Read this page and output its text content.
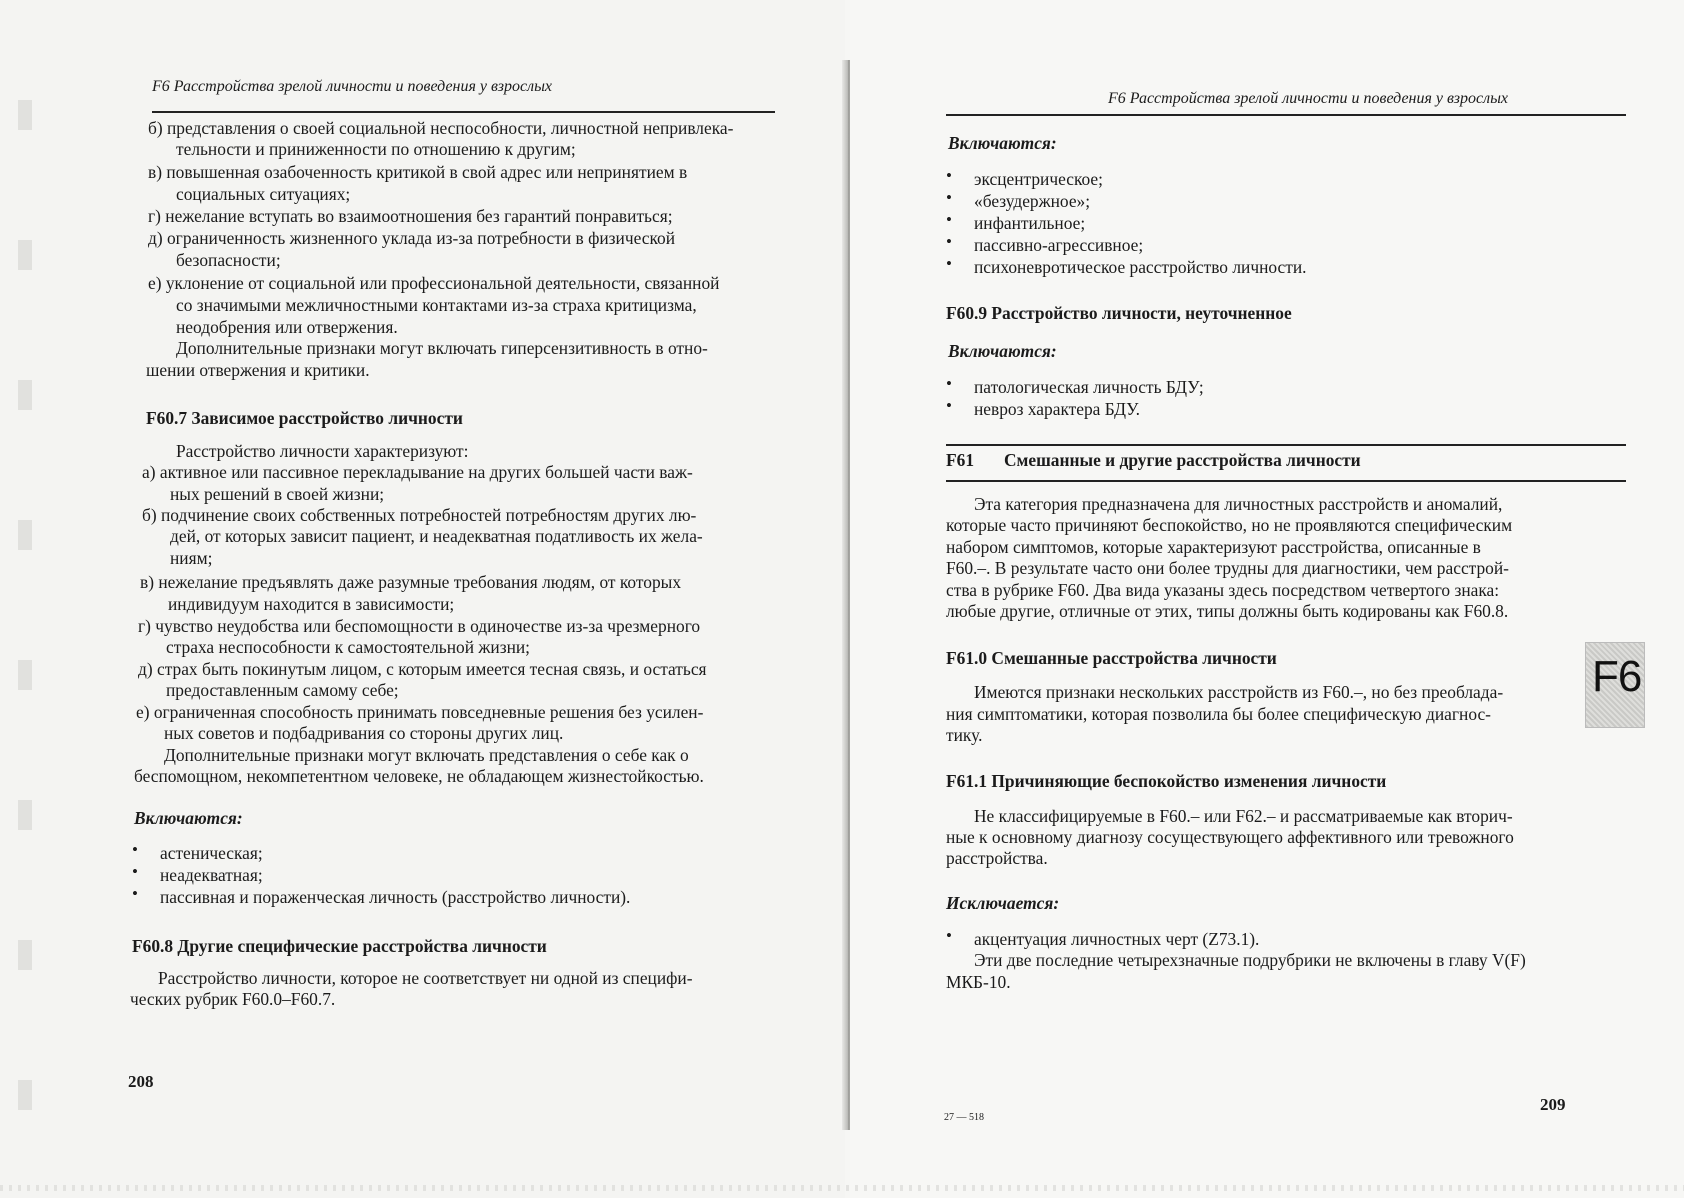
F6 Расстройства зрелой личности и поведения у взрослых
б) представления о своей социальной неспособности, личностной непривлека-
тельности и приниженности по отношению к другим;
в) повышенная озабоченность критикой в свой адрес или непринятием в
социальных ситуациях;
г) нежелание вступать во взаимоотношения без гарантий понравиться;
д) ограниченность жизненного уклада из-за потребности в физической
безопасности;
е) уклонение от социальной или профессиональной деятельности, связанной
со значимыми межличностными контактами из-за страха критицизма,
неодобрения или отвержения.
Дополнительные признаки могут включать гиперсензитивность в отно-
шении отвержения и критики.
F60.7 Зависимое расстройство личности
Расстройство личности характеризуют:
а) активное или пассивное перекладывание на других большей части важ-
ных решений в своей жизни;
б) подчинение своих собственных потребностей потребностям других лю-
дей, от которых зависит пациент, и неадекватная податливость их жела-
ниям;
в) нежелание предъявлять даже разумные требования людям, от которых
индивидуум находится в зависимости;
г) чувство неудобства или беспомощности в одиночестве из-за чрезмерного
страха неспособности к самостоятельной жизни;
д) страх быть покинутым лицом, с которым имеется тесная связь, и остаться
предоставленным самому себе;
е) ограниченная способность принимать повседневные решения без усилен-
ных советов и подбадривания со стороны других лиц.
Дополнительные признаки могут включать представления о себе как о
беспомощном, некомпетентном человеке, не обладающем жизнестойкостью.
Включаются:
• астеническая;
• неадекватная;
• пассивная и пораженческая личность (расстройство личности).
F60.8 Другие специфические расстройства личности
Расстройство личности, которое не соответствует ни одной из специфи-
ческих рубрик F60.0–F60.7.
208
F6 Расстройства зрелой личности и поведения у взрослых
Включаются:
• эксцентрическое;
• «безудержное»;
• инфантильное;
• пассивно-агрессивное;
• психоневротическое расстройство личности.
F60.9 Расстройство личности, неуточненное
Включаются:
• патологическая личность БДУ;
• невроз характера БДУ.
F61 Смешанные и другие расстройства личности
Эта категория предназначена для личностных расстройств и аномалий,
которые часто причиняют беспокойство, но не проявляются специфическим
набором симптомов, которые характеризуют расстройства, описанные в
F60.–. В результате часто они более трудны для диагностики, чем расстрой-
ства в рубрике F60. Два вида указаны здесь посредством четвертого знака:
любые другие, отличные от этих, типы должны быть кодированы как F60.8.
F61.0 Смешанные расстройства личности
Имеются признаки нескольких расстройств из F60.–, но без преоблада-
ния симптоматики, которая позволила бы более специфическую диагнос-
тику.
F61.1 Причиняющие беспокойство изменения личности
Не классифицируемые в F60.– или F62.– и рассматриваемые как вторич-
ные к основному диагнозу сосуществующего аффективного или тревожного
расстройства.
Исключается:
• акцентуация личностных черт (Z73.1).
Эти две последние четырехзначные подрубрики не включены в главу V(F)
МКБ-10.
27 — 518
209
F6
